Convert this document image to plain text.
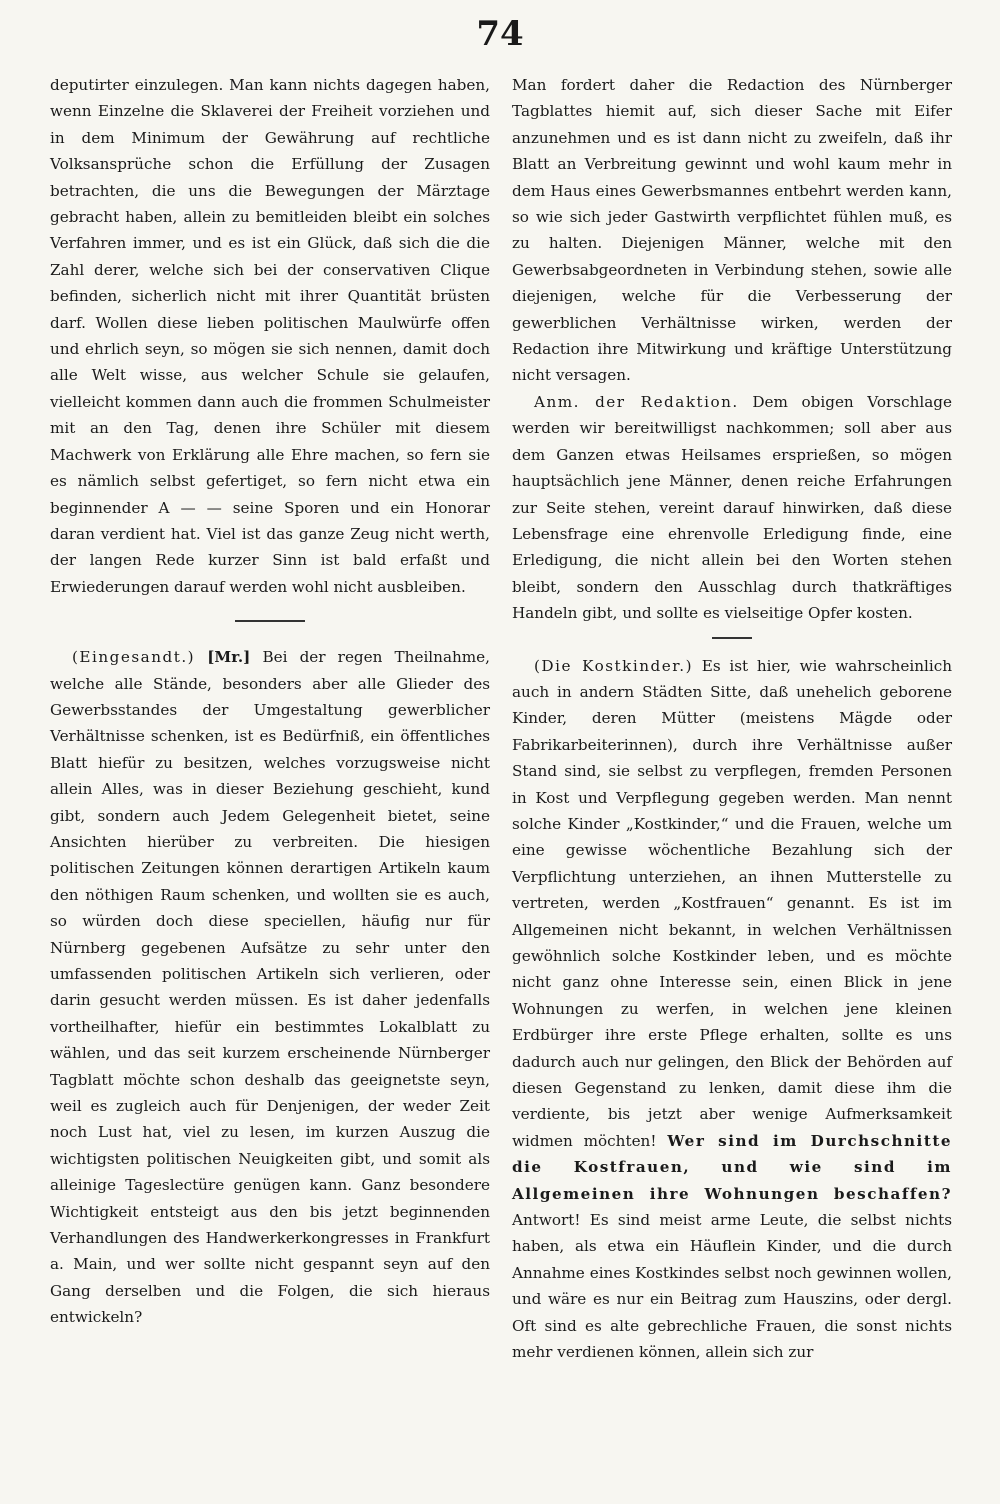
74

deputirter einzulegen. Man kann nichts dagegen haben, wenn Einzelne die Sklaverei der Freiheit vorziehen und in dem Minimum der Gewährung auf rechtliche Volksansprüche schon die Erfüllung der Zusagen betrachten, die uns die Bewegungen der Märztage gebracht haben, allein zu bemitleiden bleibt ein solches Verfahren immer, und es ist ein Glück, daß sich die die Zahl derer, welche sich bei der conservativen Clique befinden, sicherlich nicht mit ihrer Quantität brüsten darf. Wollen diese lieben politischen Maulwürfe offen und ehrlich seyn, so mögen sie sich nennen, damit doch alle Welt wisse, aus welcher Schule sie gelaufen, vielleicht kommen dann auch die frommen Schulmeister mit an den Tag, denen ihre Schüler mit diesem Machwerk von Erklärung alle Ehre machen, so fern sie es nämlich selbst gefertiget, so fern nicht etwa ein beginnender A — — seine Sporen und ein Honorar daran verdient hat. Viel ist das ganze Zeug nicht werth, der langen Rede kurzer Sinn ist bald erfaßt und Erwiederungen darauf werden wohl nicht ausbleiben.

(Eingesandt.) [Mr.] Bei der regen Theilnahme, welche alle Stände, besonders aber alle Glieder des Gewerbsstandes der Umgestaltung gewerblicher Verhältnisse schenken, ist es Bedürfniß, ein öffentliches Blatt hiefür zu besitzen, welches vorzugsweise nicht allein Alles, was in dieser Beziehung geschieht, kund gibt, sondern auch Jedem Gelegenheit bietet, seine Ansichten hierüber zu verbreiten. Die hiesigen politischen Zeitungen können derartigen Artikeln kaum den nöthigen Raum schenken, und wollten sie es auch, so würden doch diese speciellen, häufig nur für Nürnberg gegebenen Aufsätze zu sehr unter den umfassenden politischen Artikeln sich verlieren, oder darin gesucht werden müssen. Es ist daher jedenfalls vortheilhafter, hiefür ein bestimmtes Lokalblatt zu wählen, und das seit kurzem erscheinende Nürnberger Tagblatt möchte schon deshalb das geeignetste seyn, weil es zugleich auch für Denjenigen, der weder Zeit noch Lust hat, viel zu lesen, im kurzen Auszug die wichtigsten politischen Neuigkeiten gibt, und somit als alleinige Tageslectüre genügen kann. Ganz besondere Wichtigkeit entsteigt aus den bis jetzt beginnenden Verhandlungen des Handwerkerkongresses in Frankfurt a. Main, und wer sollte nicht gespannt seyn auf den Gang derselben und die Folgen, die sich hieraus entwickeln?

Man fordert daher die Redaction des Nürnberger Tagblattes hiemit auf, sich dieser Sache mit Eifer anzunehmen und es ist dann nicht zu zweifeln, daß ihr Blatt an Verbreitung gewinnt und wohl kaum mehr in dem Haus eines Gewerbsmannes entbehrt werden kann, so wie sich jeder Gastwirth verpflichtet fühlen muß, es zu halten. Diejenigen Männer, welche mit den Gewerbsabgeordneten in Verbindung stehen, sowie alle diejenigen, welche für die Verbesserung der gewerblichen Verhältnisse wirken, werden der Redaction ihre Mitwirkung und kräftige Unterstützung nicht versagen.

Anm. der Redaktion. Dem obigen Vorschlage werden wir bereitwilligst nachkommen; soll aber aus dem Ganzen etwas Heilsames ersprießen, so mögen hauptsächlich jene Männer, denen reiche Erfahrungen zur Seite stehen, vereint darauf hinwirken, daß diese Lebensfrage eine ehrenvolle Erledigung finde, eine Erledigung, die nicht allein bei den Worten stehen bleibt, sondern den Ausschlag durch thatkräftiges Handeln gibt, und sollte es vielseitige Opfer kosten.

(Die Kostkinder.) Es ist hier, wie wahrscheinlich auch in andern Städten Sitte, daß unehelich geborene Kinder, deren Mütter (meistens Mägde oder Fabrikarbeiterinnen), durch ihre Verhältnisse außer Stand sind, sie selbst zu verpflegen, fremden Personen in Kost und Verpflegung gegeben werden. Man nennt solche Kinder „Kostkinder,“ und die Frauen, welche um eine gewisse wöchentliche Bezahlung sich der Verpflichtung unterziehen, an ihnen Mutterstelle zu vertreten, werden „Kostfrauen“ genannt. Es ist im Allgemeinen nicht bekannt, in welchen Verhältnissen gewöhnlich solche Kostkinder leben, und es möchte nicht ganz ohne Interesse sein, einen Blick in jene Wohnungen zu werfen, in welchen jene kleinen Erdbürger ihre erste Pflege erhalten, sollte es uns dadurch auch nur gelingen, den Blick der Behörden auf diesen Gegenstand zu lenken, damit diese ihm die verdiente, bis jetzt aber wenige Aufmerksamkeit widmen möchten! Wer sind im Durchschnitte die Kostfrauen, und wie sind im Allgemeinen ihre Wohnungen beschaffen? Antwort! Es sind meist arme Leute, die selbst nichts haben, als etwa ein Häuflein Kinder, und die durch Annahme eines Kostkindes selbst noch gewinnen wollen, und wäre es nur ein Beitrag zum Hauszins, oder dergl. Oft sind es alte gebrechliche Frauen, die sonst nichts mehr verdienen können, allein sich zur
